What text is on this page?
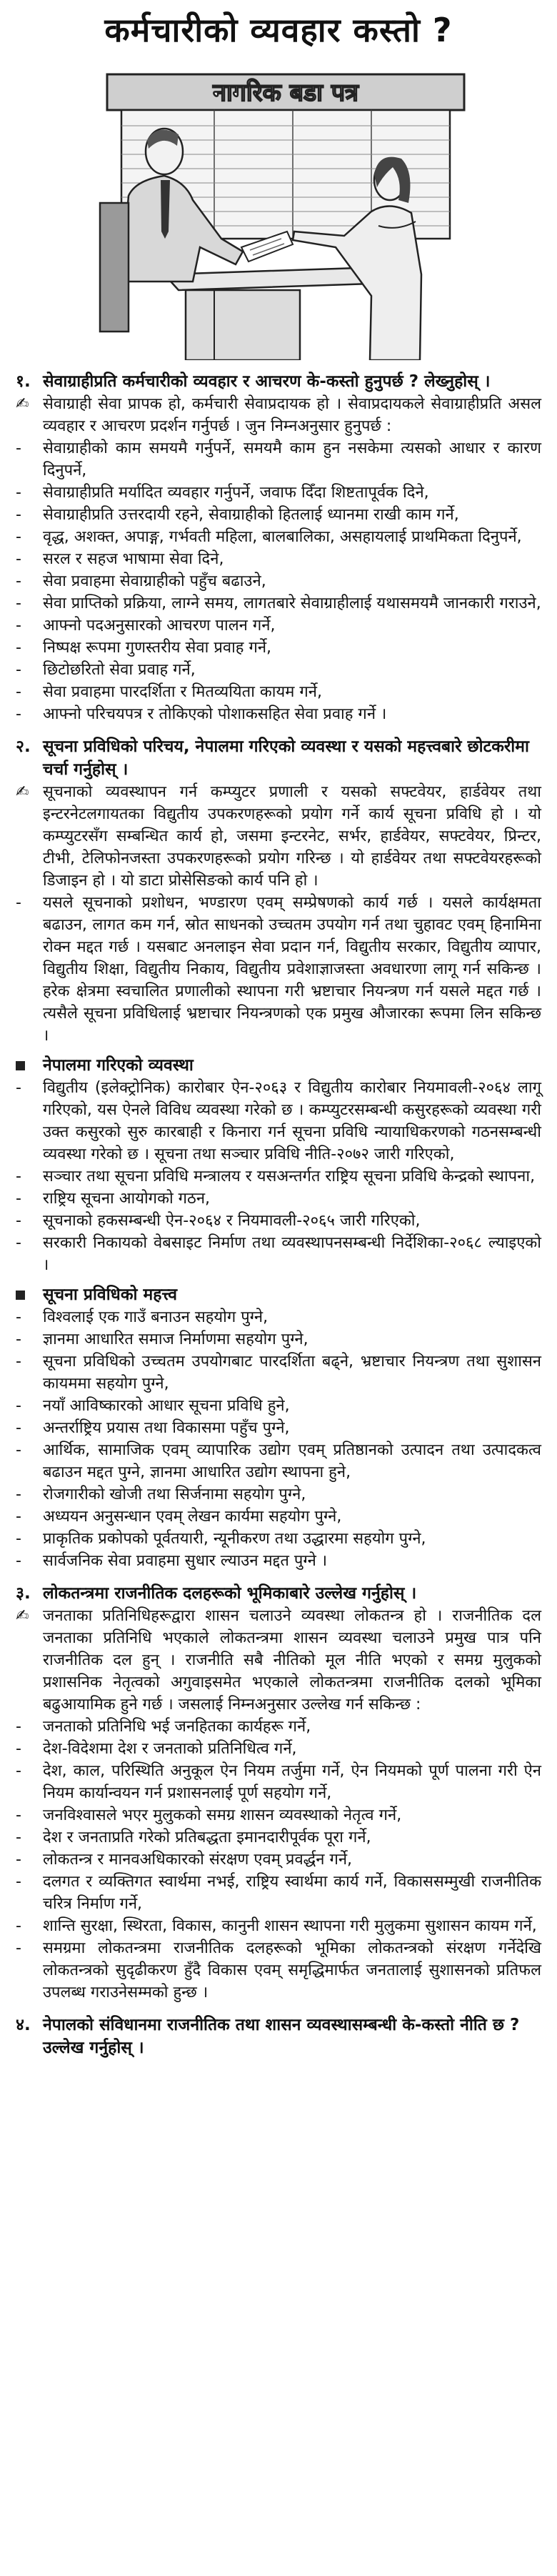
कर्मचारीको व्यवहार कस्तो ?
नागरिक बडा पत्र
१. सेवाग्राहीप्रति कर्मचारीको व्यवहार र आचरण के-कस्तो हुनुपर्छ ? लेख्नुहोस् ।
✍ सेवाग्राही सेवा प्रापक हो, कर्मचारी सेवाप्रदायक हो । सेवाप्रदायकले सेवाग्राहीप्रति असल व्यवहार र आचरण प्रदर्शन गर्नुपर्छ । जुन निम्नअनुसार हुनुपर्छ :
-	सेवाग्राहीको काम समयमै गर्नुपर्ने, समयमै काम हुन नसकेमा त्यसको आधार र कारण दिनुपर्ने,
-	सेवाग्राहीप्रति मर्यादित व्यवहार गर्नुपर्ने, जवाफ दिँदा शिष्टतापूर्वक दिने,
-	सेवाग्राहीप्रति उत्तरदायी रहने, सेवाग्राहीको हितलाई ध्यानमा राखी काम गर्ने,
-	वृद्ध, अशक्त, अपाङ्ग, गर्भवती महिला, बालबालिका, असहायलाई प्राथमिकता दिनुपर्ने,
-	सरल र सहज भाषामा सेवा दिने,
-	सेवा प्रवाहमा सेवाग्राहीको पहुँच बढाउने,
-	सेवा प्राप्तिको प्रक्रिया, लाग्ने समय, लागतबारे सेवाग्राहीलाई यथासमयमै जानकारी गराउने,
-	आफ्नो पदअनुसारको आचरण पालन गर्ने,
-	निष्पक्ष रूपमा गुणस्तरीय सेवा प्रवाह गर्ने,
-	छिटोछरितो सेवा प्रवाह गर्ने,
-	सेवा प्रवाहमा पारदर्शिता र मितव्ययिता कायम गर्ने,
-	आफ्नो परिचयपत्र र तोकिएको पोशाकसहित सेवा प्रवाह गर्ने ।
२. सूचना प्रविधिको परिचय, नेपालमा गरिएको व्यवस्था र यसको महत्त्वबारे छोटकरीमा चर्चा गर्नुहोस् ।
✍ सूचनाको व्यवस्थापन गर्न कम्प्युटर प्रणाली र यसको सफ्टवेयर, हार्डवेयर तथा इन्टरनेटलगायतका विद्युतीय उपकरणहरूको प्रयोग गर्ने कार्य सूचना प्रविधि हो । यो कम्प्युटरसँग सम्बन्धित कार्य हो, जसमा इन्टरनेट, सर्भर, हार्डवेयर, सफ्टवेयर, प्रिन्टर, टीभी, टेलिफोनजस्ता उपकरणहरूको प्रयोग गरिन्छ । यो हार्डवेयर तथा सफ्टवेयरहरूको डिजाइन हो । यो डाटा प्रोसेसिङको कार्य पनि हो ।
-	यसले सूचनाको प्रशोधन, भण्डारण एवम् सम्प्रेषणको कार्य गर्छ । यसले कार्यक्षमता बढाउन, लागत कम गर्न, स्रोत साधनको उच्चतम उपयोग गर्न तथा चुहावट एवम् हिनामिना रोक्न मद्दत गर्छ । यसबाट अनलाइन सेवा प्रदान गर्न, विद्युतीय सरकार, विद्युतीय व्यापार, विद्युतीय शिक्षा, विद्युतीय निकाय, विद्युतीय प्रवेशाज्ञाजस्ता अवधारणा लागू गर्न सकिन्छ । हरेक क्षेत्रमा स्वचालित प्रणालीको स्थापना गरी भ्रष्टाचार नियन्त्रण गर्न यसले मद्दत गर्छ । त्यसैले सूचना प्रविधिलाई भ्रष्टाचार नियन्त्रणको एक प्रमुख औजारका रूपमा लिन सकिन्छ ।
नेपालमा गरिएको व्यवस्था
-	विद्युतीय (इलेक्ट्रोनिक) कारोबार ऐन-२०६३ र विद्युतीय कारोबार नियमावली-२०६४ लागू गरिएको, यस ऐनले विविध व्यवस्था गरेको छ । कम्प्युटरसम्बन्धी कसुरहरूको व्यवस्था गरी उक्त कसुरको सुरु कारबाही र किनारा गर्न सूचना प्रविधि न्यायाधिकरणको गठनसम्बन्धी व्यवस्था गरेको छ । सूचना तथा सञ्चार प्रविधि नीति-२०७२ जारी गरिएको,
-	सञ्चार तथा सूचना प्रविधि मन्त्रालय र यसअन्तर्गत राष्ट्रिय सूचना प्रविधि केन्द्रको स्थापना,
-	राष्ट्रिय सूचना आयोगको गठन,
-	सूचनाको हकसम्बन्धी ऐन-२०६४ र नियमावली-२०६५ जारी गरिएको,
-	सरकारी निकायको वेबसाइट निर्माण तथा व्यवस्थापनसम्बन्धी निर्देशिका-२०६८ ल्याइएको ।
सूचना प्रविधिको महत्त्व
-	विश्वलाई एक गाउँ बनाउन सहयोग पुग्ने,
-	ज्ञानमा आधारित समाज निर्माणमा सहयोग पुग्ने,
-	सूचना प्रविधिको उच्चतम उपयोगबाट पारदर्शिता बढ्ने, भ्रष्टाचार नियन्त्रण तथा सुशासन कायममा सहयोग पुग्ने,
-	नयाँ आविष्कारको आधार सूचना प्रविधि हुने,
-	अन्तर्राष्ट्रिय प्रयास तथा विकासमा पहुँच पुग्ने,
-	आर्थिक, सामाजिक एवम् व्यापारिक उद्योग एवम् प्रतिष्ठानको उत्पादन तथा उत्पादकत्व बढाउन मद्दत पुग्ने, ज्ञानमा आधारित उद्योग स्थापना हुने,
-	रोजगारीको खोजी तथा सिर्जनामा सहयोग पुग्ने,
-	अध्ययन अनुसन्धान एवम् लेखन कार्यमा सहयोग पुग्ने,
-	प्राकृतिक प्रकोपको पूर्वतयारी, न्यूनीकरण तथा उद्धारमा सहयोग पुग्ने,
-	सार्वजनिक सेवा प्रवाहमा सुधार ल्याउन मद्दत पुग्ने ।
३. लोकतन्त्रमा राजनीतिक दलहरूको भूमिकाबारे उल्लेख गर्नुहोस् ।
✍ जनताका प्रतिनिधिहरूद्वारा शासन चलाउने व्यवस्था लोकतन्त्र हो । राजनीतिक दल जनताका प्रतिनिधि भएकाले लोकतन्त्रमा शासन व्यवस्था चलाउने प्रमुख पात्र पनि राजनीतिक दल हुन् । राजनीति सबै नीतिको मूल नीति भएको र समग्र मुलुकको प्रशासनिक नेतृत्वको अगुवाइसमेत भएकाले लोकतन्त्रमा राजनीतिक दलको भूमिका बढुआयामिक हुने गर्छ । जसलाई निम्नअनुसार उल्लेख गर्न सकिन्छ :
-	जनताको प्रतिनिधि भई जनहितका कार्यहरू गर्ने,
-	देश-विदेशमा देश र जनताको प्रतिनिधित्व गर्ने,
-	देश, काल, परिस्थिति अनुकूल ऐन नियम तर्जुमा गर्ने, ऐन नियमको पूर्ण पालना गरी ऐन नियम कार्यान्वयन गर्न प्रशासनलाई पूर्ण सहयोग गर्ने,
-	जनविश्वासले भएर मुलुकको समग्र शासन व्यवस्थाको नेतृत्व गर्ने,
-	देश र जनताप्रति गरेको प्रतिबद्धता इमानदारीपूर्वक पूरा गर्ने,
-	लोकतन्त्र र मानवअधिकारको संरक्षण एवम् प्रवर्द्धन गर्ने,
-	दलगत र व्यक्तिगत स्वार्थमा नभई, राष्ट्रिय स्वार्थमा कार्य गर्ने, विकाससम्मुखी राजनीतिक चरित्र निर्माण गर्ने,
-	शान्ति सुरक्षा, स्थिरता, विकास, कानुनी शासन स्थापना गरी मुलुकमा सुशासन कायम गर्ने,
-	समग्रमा लोकतन्त्रमा राजनीतिक दलहरूको भूमिका लोकतन्त्रको संरक्षण गर्नेदेखि लोकतन्त्रको सुदृढीकरण हुँदै विकास एवम् समृद्धिमार्फत जनतालाई सुशासनको प्रतिफल उपलब्ध गराउनेसम्मको हुन्छ ।
४. नेपालको संविधानमा राजनीतिक तथा शासन व्यवस्थासम्बन्धी के-कस्तो नीति छ ? उल्लेख गर्नुहोस् ।
